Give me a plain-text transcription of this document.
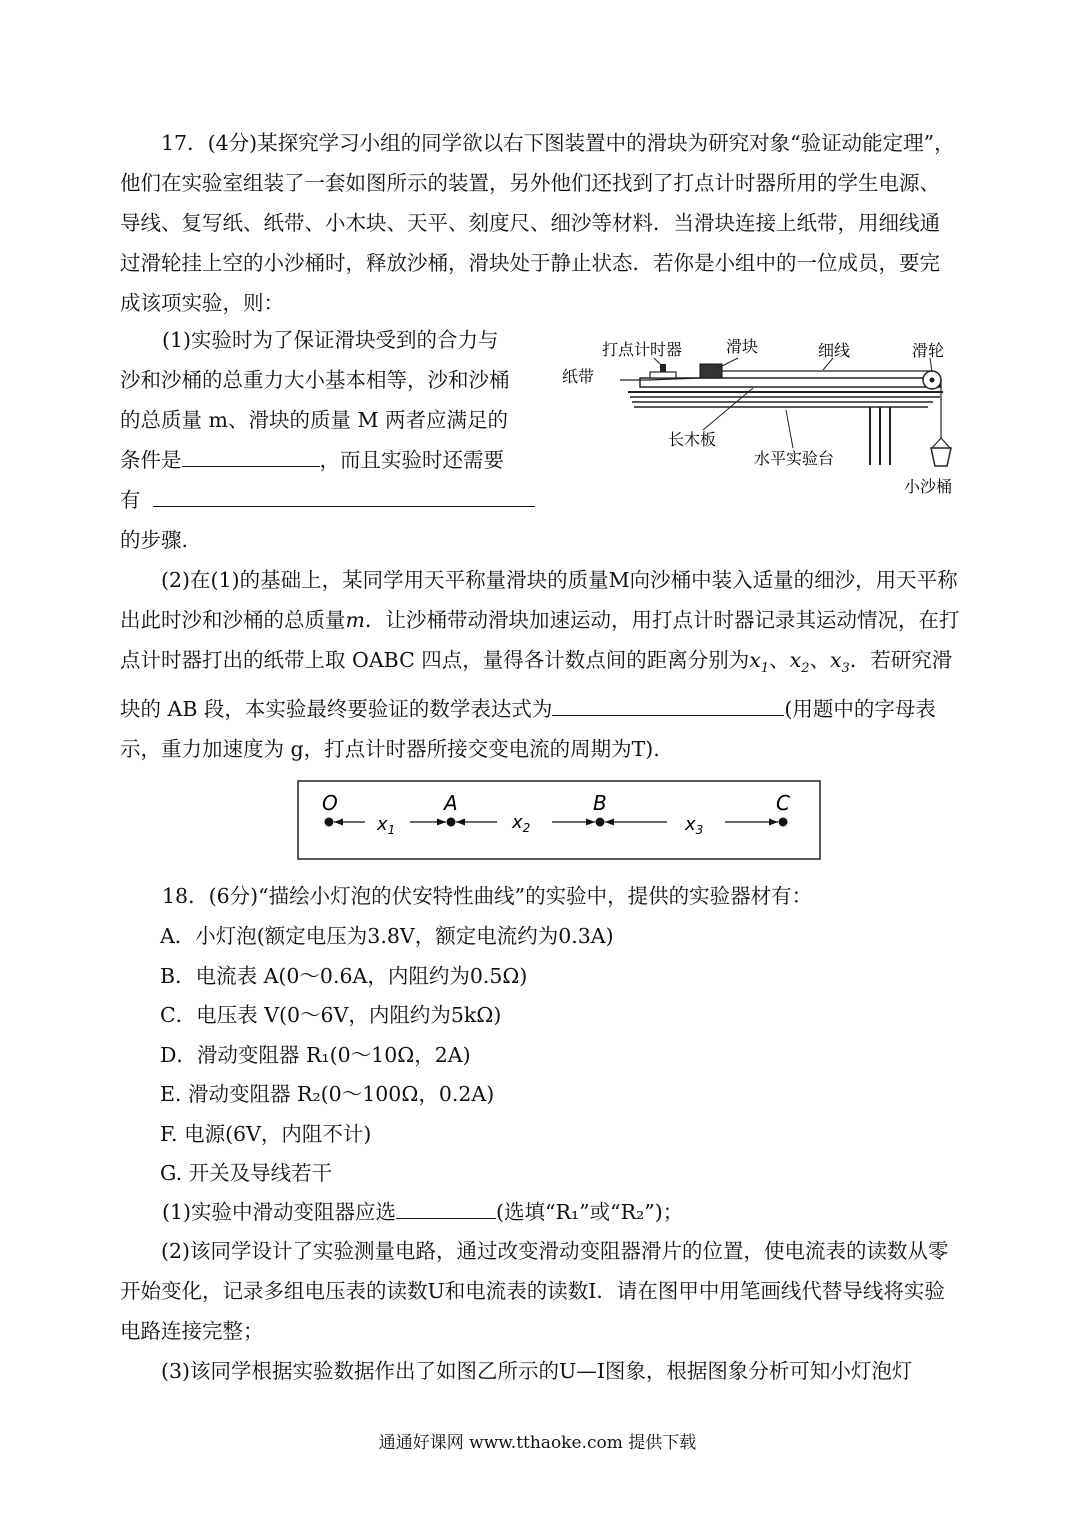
17．(4分)某探究学习小组的同学欲以右下图装置中的滑块为研究对象“验证动能定理”，他们在实验室组装了一套如图所示的装置，另外他们还找到了打点计时器所用的学生电源、导线、复写纸、纸带、小木块、天平、刻度尺、细沙等材料．当滑块连接上纸带，用细线通过滑轮挂上空的小沙桶时，释放沙桶，滑块处于静止状态．若你是小组中的一位成员，要完成该项实验，则：

(1)实验时为了保证滑块受到的合力与
沙和沙桶的总重力大小基本相等，沙和沙桶
的总质量 m、滑块的质量 M 两者应满足的
条件是	，而且实验时还需要
有
的步骤.
打点计时器	滑块	细线	滑轮
纸带
长木板
水平实验台
小沙桶

(2)在(1)的基础上，某同学用天平称量滑块的质量M向沙桶中装入适量的细沙，用天平称出此时沙和沙桶的总质量m．让沙桶带动滑块加速运动，用打点计时器记录其运动情况，在打点计时器打出的纸带上取 OABC 四点，量得各计数点间的距离分别为$x_1$、$x_2$、$x_3$．若研究滑块的 AB 段，本实验最终要验证的数学表达式为	(用题中的字母表示，重力加速度为 g，打点计时器所接交变电流的周期为T).

O	A	B	C
$x_1$	$x_2$	$x_3$
18．(6分)“描绘小灯泡的伏安特性曲线”的实验中，提供的实验器材有：
A．小灯泡(额定电压为3.8V，额定电流约为0.3A)
B．电流表 A(0～0.6A，内阻约为0.5Ω)
C．电压表 V(0～6V，内阻约为5kΩ)
D．滑动变阻器 R₁(0～10Ω，2A)
E. 滑动变阻器 R₂(0～100Ω，0.2A)
F. 电源(6V，内阻不计)
G. 开关及导线若干
(1)实验中滑动变阻器应选	(选填“R₁”或“R₂”)；

(2)该同学设计了实验测量电路，通过改变滑动变阻器滑片的位置，使电流表的读数从零开始变化，记录多组电压表的读数U和电流表的读数I．请在图甲中用笔画线代替导线将实验电路连接完整；

(3)该同学根据实验数据作出了如图乙所示的U—I图象，根据图象分析可知小灯泡灯

通通好课网 www.tthaoke.com 提供下载
